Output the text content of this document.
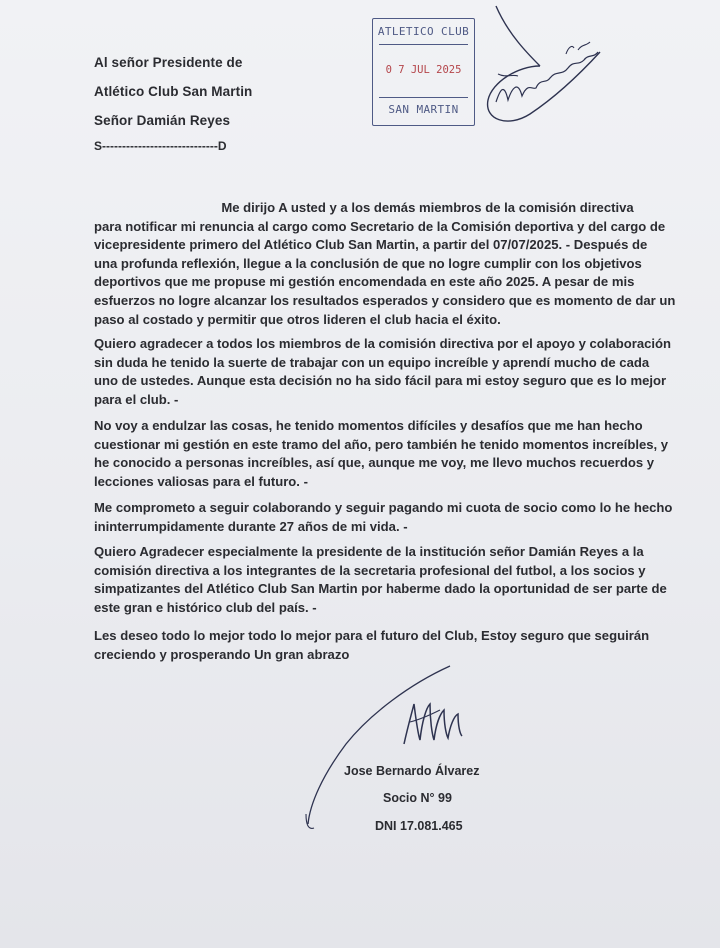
ATLETICO CLUB
0 7 JUL 2025
SAN MARTIN
Al señor Presidente de
Atlético Club San Martin
Señor Damián Reyes
S-----------------------------D

Me dirijo A usted y a los demás miembros de la comisión directiva
para notificar mi renuncia al cargo como Secretario de la Comisión deportiva y del cargo de
vicepresidente primero del Atlético Club San Martin, a partir del 07/07/2025. - Después de
una profunda reflexión, llegue a la conclusión de que no logre cumplir con los objetivos
deportivos que me propuse mi gestión encomendada en este año 2025. A pesar de mis
esfuerzos no logre alcanzar los resultados esperados y considero que es momento de dar un
paso al costado y permitir que otros lideren el club hacia el éxito.

Quiero agradecer a todos los miembros de la comisión directiva por el apoyo y colaboración
sin duda he tenido la suerte de trabajar con un equipo increíble y aprendí mucho de cada
uno de ustedes. Aunque esta decisión no ha sido fácil para mi estoy seguro que es lo mejor
para el club. -

No voy a endulzar las cosas, he tenido momentos difíciles y desafíos que me han hecho
cuestionar mi gestión en este tramo del año, pero también he tenido momentos increíbles, y
he conocido a personas increíbles, así que, aunque me voy, me llevo muchos recuerdos y
lecciones valiosas para el futuro. -

Me comprometo a seguir colaborando y seguir pagando mi cuota de socio como lo he hecho
ininterrumpidamente durante 27 años de mi vida. -

Quiero Agradecer especialmente la presidente de la institución señor Damián Reyes a la
comisión directiva a los integrantes de la secretaria profesional del futbol, a los socios y
simpatizantes del Atlético Club San Martin por haberme dado la oportunidad de ser parte de
este gran e histórico club del país. -

Les deseo todo lo mejor todo lo mejor para el futuro del Club, Estoy seguro que seguirán
creciendo y prosperando Un gran abrazo

Jose Bernardo Álvarez
Socio N° 99
DNI 17.081.465
